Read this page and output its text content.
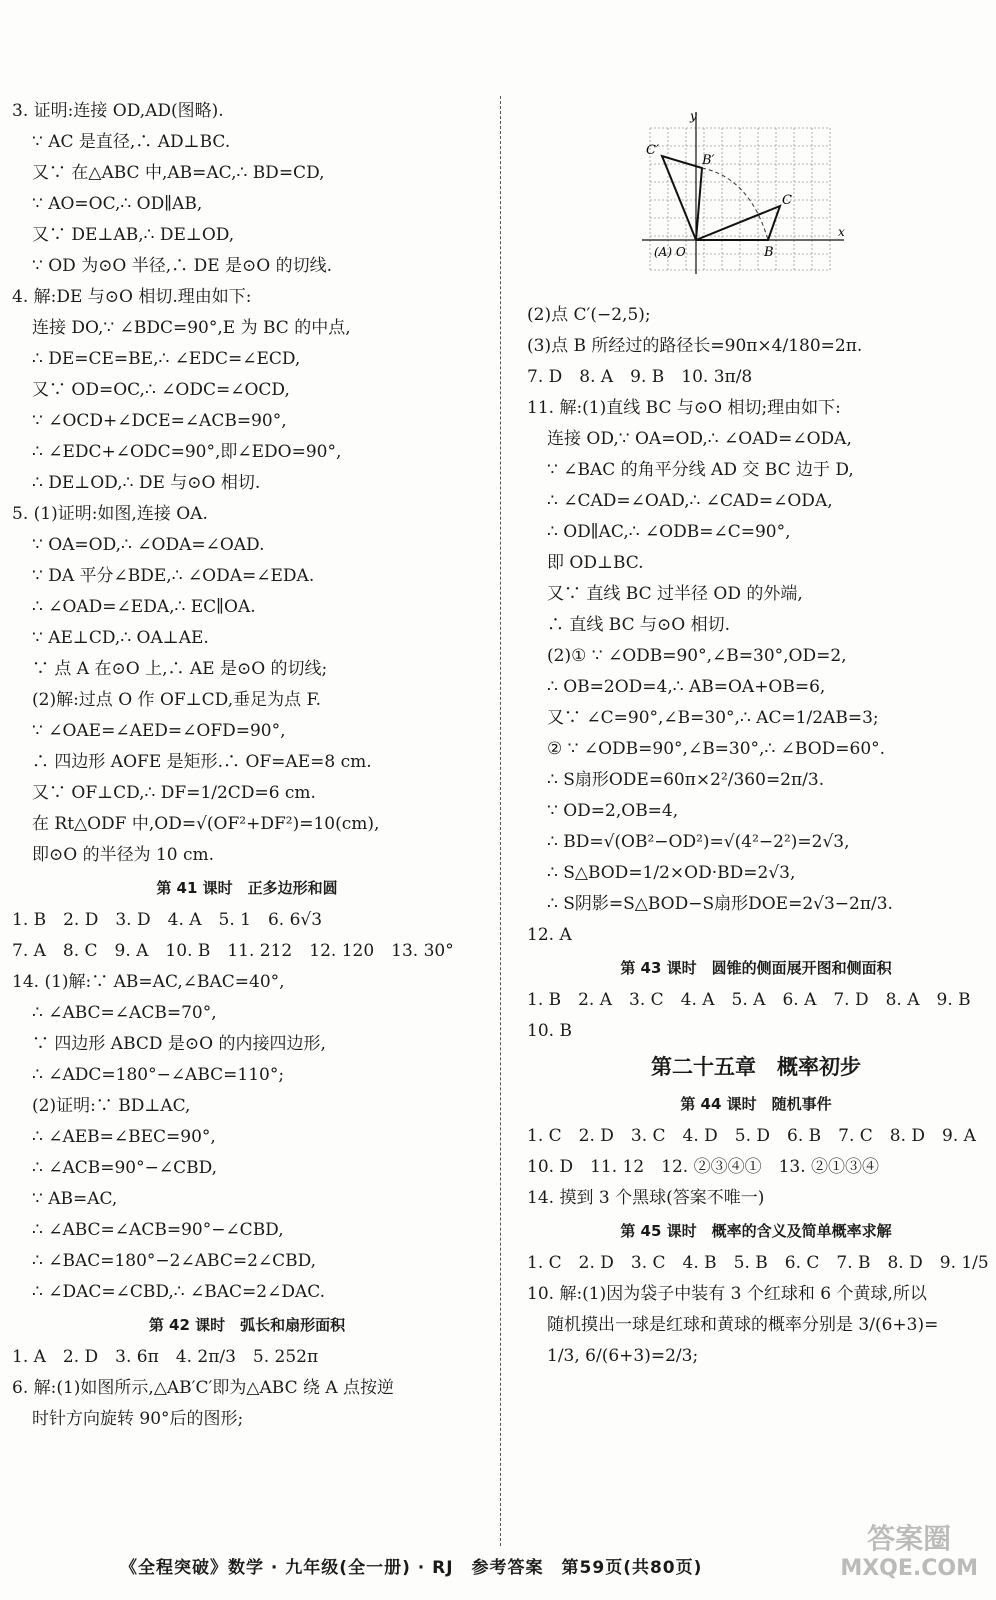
3. 证明:连接 OD,AD(图略).
∵ AC 是直径,∴ AD⊥BC.
又∵ 在△ABC 中,AB=AC,∴ BD=CD,
∵ AO=OC,∴ OD∥AB,
又∵ DE⊥AB,∴ DE⊥OD,
∵ OD 为⊙O 半径,∴ DE 是⊙O 的切线.
4. 解:DE 与⊙O 相切.理由如下:
连接 DO,∵ ∠BDC=90°,E 为 BC 的中点,
∴ DE=CE=BE,∴ ∠EDC=∠ECD,
又∵ OD=OC,∴ ∠ODC=∠OCD,
∵ ∠OCD+∠DCE=∠ACB=90°,
∴ ∠EDC+∠ODC=90°,即∠EDO=90°,
∴ DE⊥OD,∴ DE 与⊙O 相切.
5. (1)证明:如图,连接 OA.
∵ OA=OD,∴ ∠ODA=∠OAD.
∵ DA 平分∠BDE,∴ ∠ODA=∠EDA.
∴ ∠OAD=∠EDA,∴ EC∥OA.
∵ AE⊥CD,∴ OA⊥AE.
∵ 点 A 在⊙O 上,∴ AE 是⊙O 的切线;
(2)解:过点 O 作 OF⊥CD,垂足为点 F.
∵ ∠OAE=∠AED=∠OFD=90°,
∴ 四边形 AOFE 是矩形.∴ OF=AE=8 cm.
又∵ OF⊥CD,∴ DF=1/2CD=6 cm.
在 Rt△ODF 中,OD=√(OF²+DF²)=10(cm),
即⊙O 的半径为 10 cm.
第 41 课时　正多边形和圆
1. B　2. D　3. D　4. A　5. 1　6. 6√3
7. A　8. C　9. A　10. B　11. 212　12. 120　13. 30°
14. (1)解:∵ AB=AC,∠BAC=40°,
∴ ∠ABC=∠ACB=70°,
∵ 四边形 ABCD 是⊙O 的内接四边形,
∴ ∠ADC=180°−∠ABC=110°;
(2)证明:∵ BD⊥AC,
∴ ∠AEB=∠BEC=90°,
∴ ∠ACB=90°−∠CBD,
∵ AB=AC,
∴ ∠ABC=∠ACB=90°−∠CBD,
∴ ∠BAC=180°−2∠ABC=2∠CBD,
∴ ∠DAC=∠CBD,∴ ∠BAC=2∠DAC.
第 42 课时　弧长和扇形面积
1. A　2. D　3. 6π　4. 2π/3　5. 252π
6. 解:(1)如图所示,△AB′C′即为△ABC 绕 A 点按逆
时针方向旋转 90°后的图形;
y
x
C′
B′
C
B
(A) O
(2)点 C′(−2,5);
(3)点 B 所经过的路径长=90π×4/180=2π.
7. D　8. A　9. B　10. 3π/8
11. 解:(1)直线 BC 与⊙O 相切;理由如下:
连接 OD,∵ OA=OD,∴ ∠OAD=∠ODA,
∵ ∠BAC 的角平分线 AD 交 BC 边于 D,
∴ ∠CAD=∠OAD,∴ ∠CAD=∠ODA,
∴ OD∥AC,∴ ∠ODB=∠C=90°,
即 OD⊥BC.
又∵ 直线 BC 过半径 OD 的外端,
∴ 直线 BC 与⊙O 相切.
(2)① ∵ ∠ODB=90°,∠B=30°,OD=2,
∴ OB=2OD=4,∴ AB=OA+OB=6,
又∵ ∠C=90°,∠B=30°,∴ AC=1/2AB=3;
② ∵ ∠ODB=90°,∠B=30°,∴ ∠BOD=60°.
∴ S扇形ODE=60π×2²/360=2π/3.
∵ OD=2,OB=4,
∴ BD=√(OB²−OD²)=√(4²−2²)=2√3,
∴ S△BOD=1/2×OD·BD=2√3,
∴ S阴影=S△BOD−S扇形DOE=2√3−2π/3.
12. A
第 43 课时　圆锥的侧面展开图和侧面积
1. B　2. A　3. C　4. A　5. A　6. A　7. D　8. A　9. B
10. B
第二十五章　概率初步
第 44 课时　随机事件
1. C　2. D　3. C　4. D　5. D　6. B　7. C　8. D　9. A
10. D　11. 12　12. ②③④①　13. ②①③④
14. 摸到 3 个黑球(答案不唯一)
第 45 课时　概率的含义及简单概率求解
1. C　2. D　3. C　4. B　5. B　6. C　7. B　8. D　9. 1/5
10. 解:(1)因为袋子中装有 3 个红球和 6 个黄球,所以
随机摸出一球是红球和黄球的概率分别是 3/(6+3)=
1/3, 6/(6+3)=2/3;
《全程突破》数学 · 九年级(全一册) · RJ　参考答案　第59页(共80页)
答案圈
MXQE.COM
